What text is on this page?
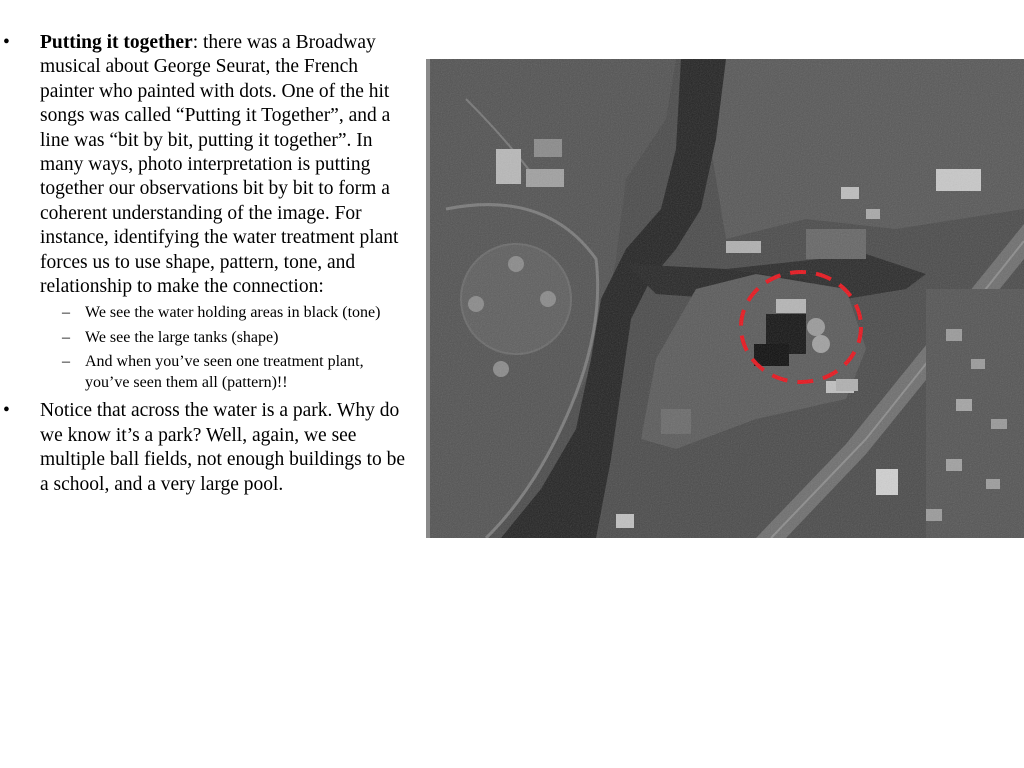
• Putting it together: there was a Broadway musical about George Seurat, the French painter who painted with dots. One of the hit songs was called “Putting it Together”, and a line was “bit by bit, putting it together”. In many ways, photo interpretation is putting together our observations bit by bit to form a coherent understanding of the image. For instance, identifying the water treatment plant forces us to use shape, pattern, tone, and relationship to make the connection:
– We see the water holding areas in black (tone)
– We see the large tanks (shape)
– And when you’ve seen one treatment plant, you’ve seen them all (pattern)!!
• Notice that across the water is a park. Why do we know it’s a park? Well, again, we see multiple ball fields, not enough buildings to be a school, and a very large pool.
